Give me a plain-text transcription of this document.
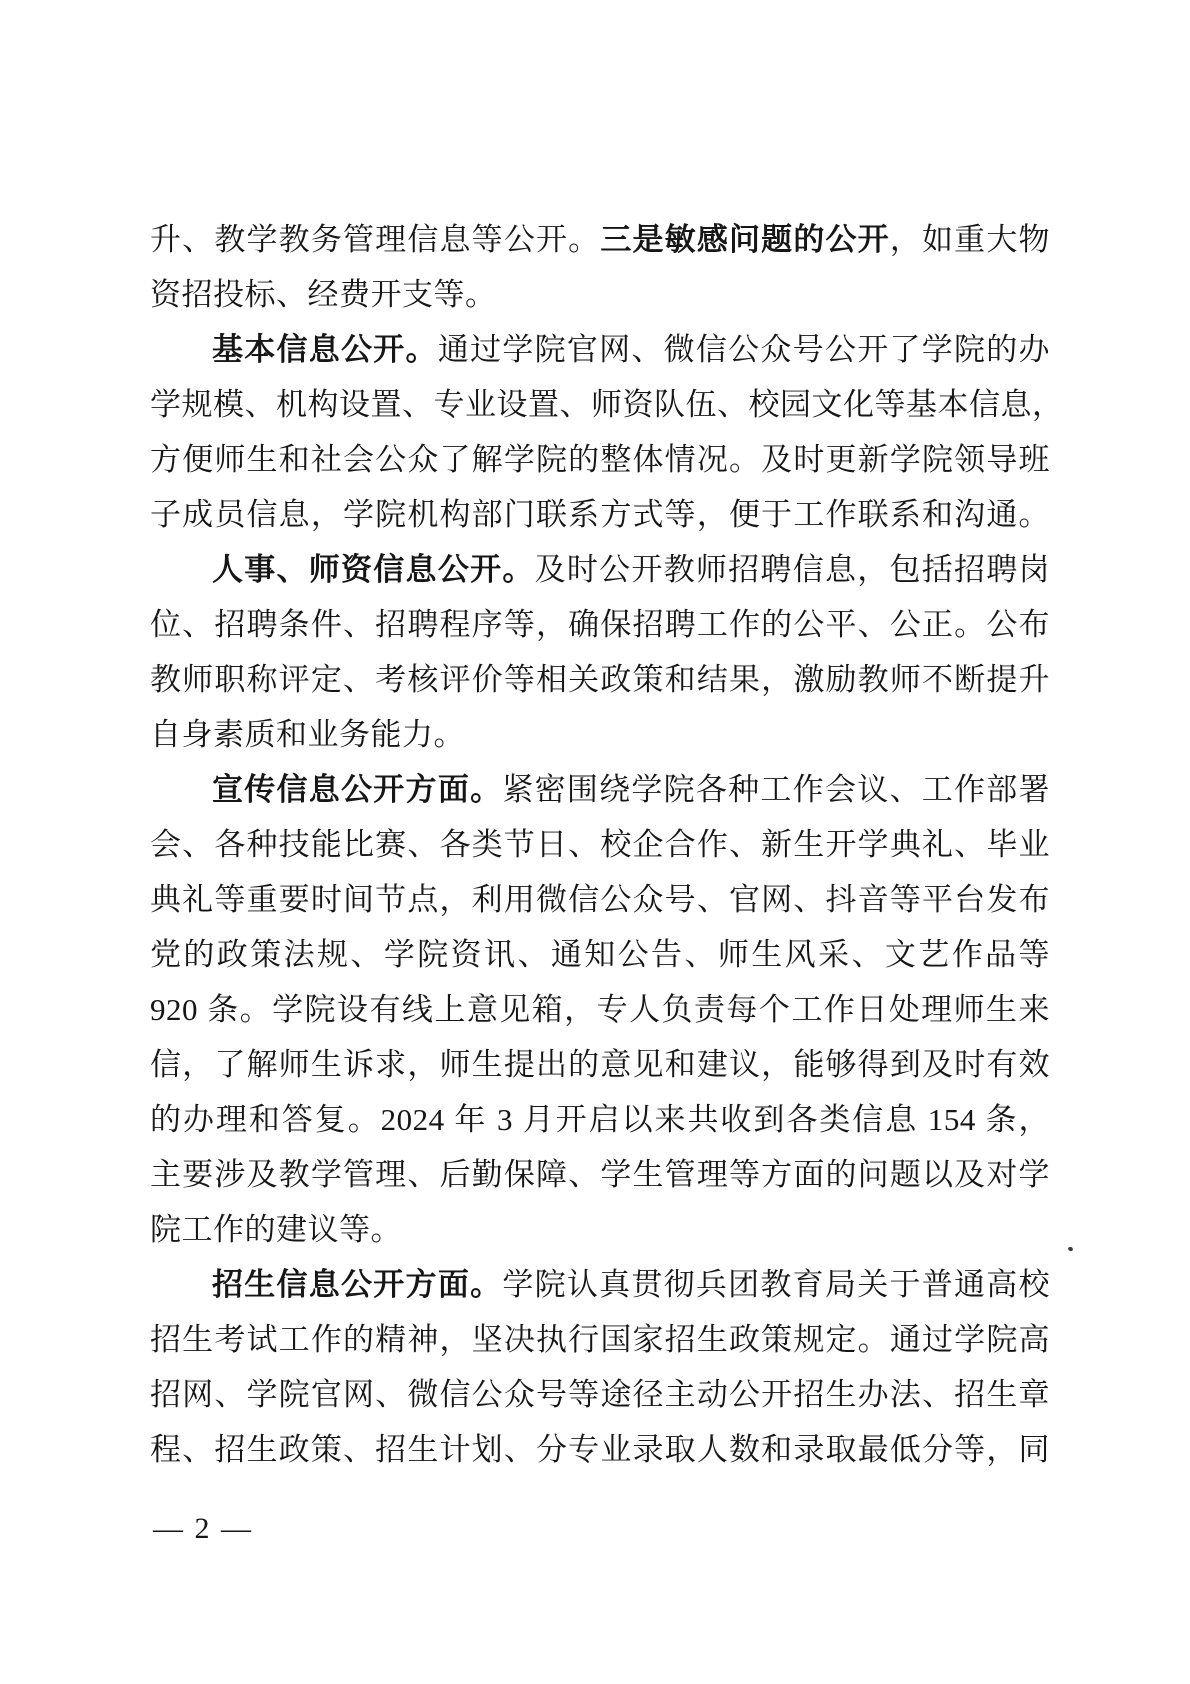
升、教学教务管理信息等公开。三是敏感问题的公开，如重大物
资招投标、经费开支等。
基本信息公开。通过学院官网、微信公众号公开了学院的办
学规模、机构设置、专业设置、师资队伍、校园文化等基本信息，
方便师生和社会公众了解学院的整体情况。及时更新学院领导班
子成员信息，学院机构部门联系方式等，便于工作联系和沟通。
人事、师资信息公开。及时公开教师招聘信息，包括招聘岗
位、招聘条件、招聘程序等，确保招聘工作的公平、公正。公布
教师职称评定、考核评价等相关政策和结果，激励教师不断提升
自身素质和业务能力。
宣传信息公开方面。紧密围绕学院各种工作会议、工作部署
会、各种技能比赛、各类节日、校企合作、新生开学典礼、毕业
典礼等重要时间节点，利用微信公众号、官网、抖音等平台发布
党的政策法规、学院资讯、通知公告、师生风采、文艺作品等
920 条。学院设有线上意见箱，专人负责每个工作日处理师生来
信，了解师生诉求，师生提出的意见和建议，能够得到及时有效
的办理和答复。2024 年 3 月开启以来共收到各类信息 154 条，
主要涉及教学管理、后勤保障、学生管理等方面的问题以及对学
院工作的建议等。
招生信息公开方面。学院认真贯彻兵团教育局关于普通高校
招生考试工作的精神，坚决执行国家招生政策规定。通过学院高
招网、学院官网、微信公众号等途径主动公开招生办法、招生章
程、招生政策、招生计划、分专业录取人数和录取最低分等，同
— 2 —
